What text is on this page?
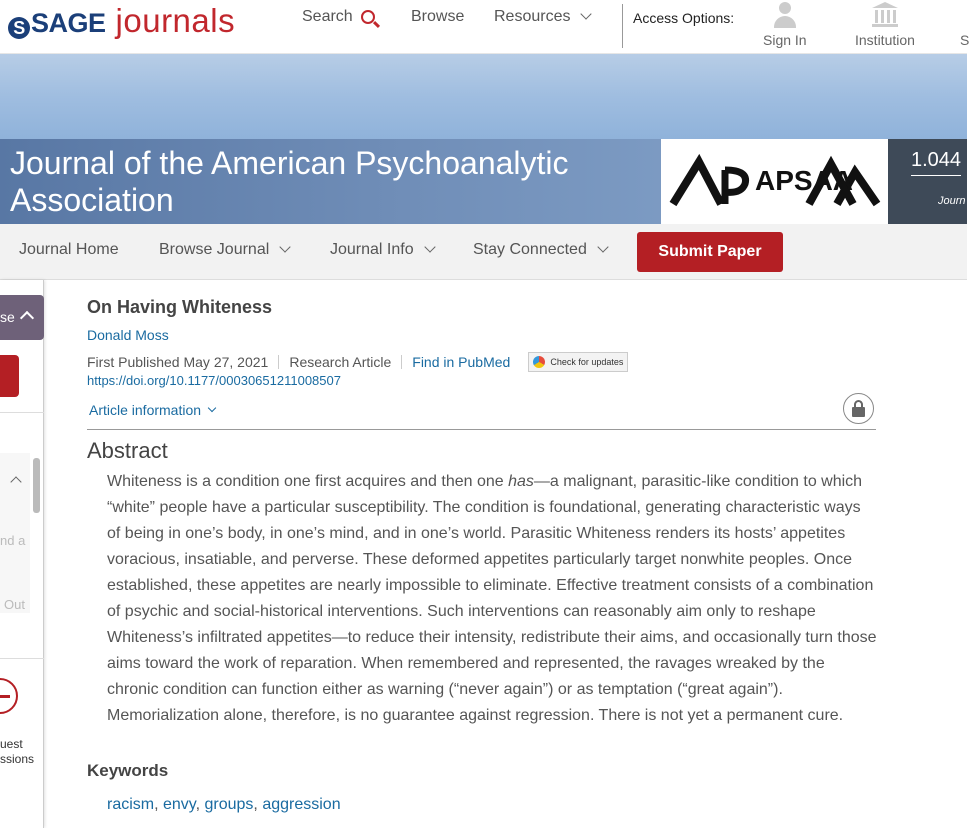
S SAGE journals	Search	Browse Resources	Access Options:
Sign In	Institution	S
Journal of the American Psychoanalytic Association
APSAA
1.044
Journ
Journal Home	Browse Journal	Journal Info	Stay Connected	Submit Paper
se
nd a
Out
uest
ssions
On Having Whiteness
Donald Moss
First Published May 27, 2021 Research Article Find in PubMed	Check for updates
https://doi.org/10.1177/00030651211008507
Article information
Abstract
Whiteness is a condition one first acquires and then one has—a malignant, parasitic-like condition to which “white” people have a particular susceptibility. The condition is foundational, generating characteristic ways of being in one’s body, in one’s mind, and in one’s world. Parasitic Whiteness renders its hosts’ appetites voracious, insatiable, and perverse. These deformed appetites particularly target nonwhite peoples. Once established, these appetites are nearly impossible to eliminate. Effective treatment consists of a combination of psychic and social-historical interventions. Such interventions can reasonably aim only to reshape Whiteness’s infiltrated appetites—to reduce their intensity, redistribute their aims, and occasionally turn those aims toward the work of reparation. When remembered and represented, the ravages wreaked by the chronic condition can function either as warning (“never again”) or as temptation (“great again”). Memorialization alone, therefore, is no guarantee against regression. There is not yet a permanent cure.
Keywords
racism, envy, groups, aggression
